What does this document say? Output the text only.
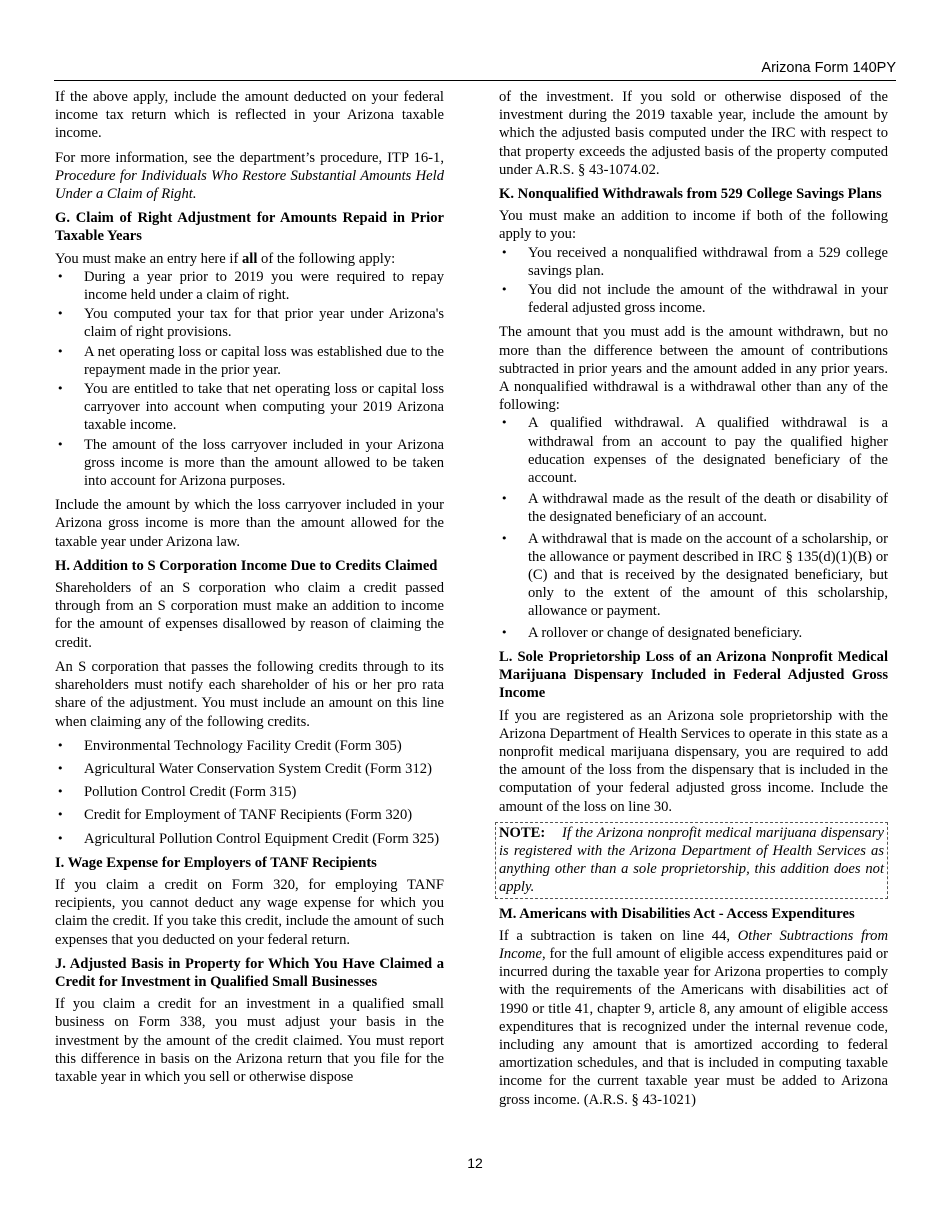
Arizona Form 140PY

If the above apply, include the amount deducted on your federal income tax return which is reflected in your Arizona taxable income.

For more information, see the department’s procedure, ITP 16-1, Procedure for Individuals Who Restore Substantial Amounts Held Under a Claim of Right.

G. Claim of Right Adjustment for Amounts Repaid in Prior Taxable Years

You must make an entry here if all of the following apply:

• During a year prior to 2019 you were required to repay income held under a claim of right.
• You computed your tax for that prior year under Arizona's claim of right provisions.
• A net operating loss or capital loss was established due to the repayment made in the prior year.
• You are entitled to take that net operating loss or capital loss carryover into account when computing your 2019 Arizona taxable income.
• The amount of the loss carryover included in your Arizona gross income is more than the amount allowed to be taken into account for Arizona purposes.

Include the amount by which the loss carryover included in your Arizona gross income is more than the amount allowed for the taxable year under Arizona law.

H. Addition to S Corporation Income Due to Credits Claimed

Shareholders of an S corporation who claim a credit passed through from an S corporation must make an addition to income for the amount of expenses disallowed by reason of claiming the credit.

An S corporation that passes the following credits through to its shareholders must notify each shareholder of his or her pro rata share of the adjustment. You must include an amount on this line when claiming any of the following credits.

• Environmental Technology Facility Credit (Form 305)
• Agricultural Water Conservation System Credit (Form 312)
• Pollution Control Credit (Form 315)
• Credit for Employment of TANF Recipients (Form 320)
• Agricultural Pollution Control Equipment Credit (Form 325)
I. Wage Expense for Employers of TANF Recipients

If you claim a credit on Form 320, for employing TANF recipients, you cannot deduct any wage expense for which you claim the credit. If you take this credit, include the amount of such expenses that you deducted on your federal return.

J. Adjusted Basis in Property for Which You Have Claimed a Credit for Investment in Qualified Small Businesses

If you claim a credit for an investment in a qualified small business on Form 338, you must adjust your basis in the investment by the amount of the credit claimed. You must report this difference in basis on the Arizona return that you file for the taxable year in which you sell or otherwise dispose

of the investment. If you sold or otherwise disposed of the investment during the 2019 taxable year, include the amount by which the adjusted basis computed under the IRC with respect to that property exceeds the adjusted basis of the property computed under A.R.S. § 43-1074.02.

K. Nonqualified Withdrawals from 529 College Savings Plans

You must make an addition to income if both of the following apply to you:

• You received a nonqualified withdrawal from a 529 college savings plan.
• You did not include the amount of the withdrawal in your federal adjusted gross income.

The amount that you must add is the amount withdrawn, but no more than the difference between the amount of contributions subtracted in prior years and the amount added in any prior years. A nonqualified withdrawal is a withdrawal other than any of the following:

• A qualified withdrawal. A qualified withdrawal is a withdrawal from an account to pay the qualified higher education expenses of the designated beneficiary of the account.
• A withdrawal made as the result of the death or disability of the designated beneficiary of an account.
• A withdrawal that is made on the account of a scholarship, or the allowance or payment described in IRC § 135(d)(1)(B) or (C) and that is received by the designated beneficiary, but only to the extent of the amount of this scholarship, allowance or payment.
• A rollover or change of designated beneficiary.
L. Sole Proprietorship Loss of an Arizona Nonprofit Medical Marijuana Dispensary Included in Federal Adjusted Gross Income

If you are registered as an Arizona sole proprietorship with the Arizona Department of Health Services to operate in this state as a nonprofit medical marijuana dispensary, you are required to add the amount of the loss from the dispensary that is included in the computation of your federal adjusted gross income. Include the amount of the loss on line 30.

NOTE: If the Arizona nonprofit medical marijuana dispensary is registered with the Arizona Department of Health Services as anything other than a sole proprietorship, this addition does not apply.
M. Americans with Disabilities Act - Access Expenditures

If a subtraction is taken on line 44, Other Subtractions from Income, for the full amount of eligible access expenditures paid or incurred during the taxable year for Arizona properties to comply with the requirements of the Americans with disabilities act of 1990 or title 41, chapter 9, article 8, any amount of eligible access expenditures that is recognized under the internal revenue code, including any amount that is amortized according to federal amortization schedules, and that is included in computing taxable income for the current taxable year must be added to Arizona gross income. (A.R.S. § 43-1021)

12
